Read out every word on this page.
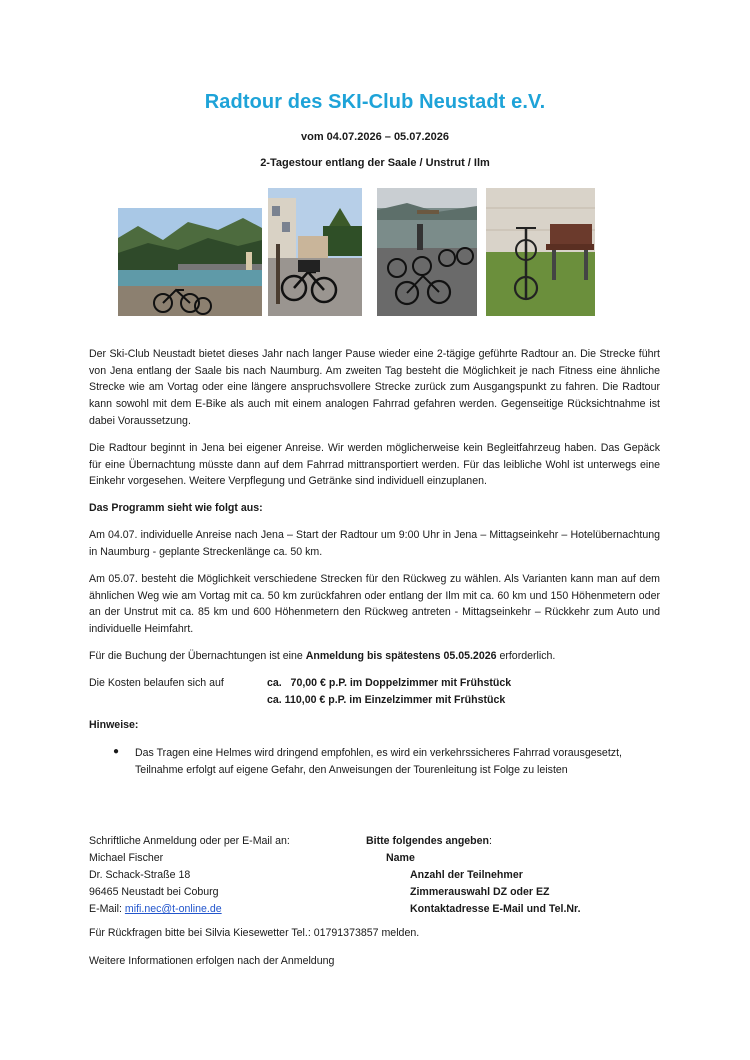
Radtour des SKI-Club Neustadt e.V.
vom 04.07.2026 – 05.07.2026
2-Tagestour entlang der Saale / Unstrut / Ilm

Der Ski-Club Neustadt bietet dieses Jahr nach langer Pause wieder eine 2-tägige geführte Radtour an. Die Strecke führt von Jena entlang der Saale bis nach Naumburg. Am zweiten Tag besteht die Möglichkeit je nach Fitness eine ähnliche Strecke wie am Vortag oder eine längere anspruchsvollere Strecke zurück zum Ausgangspunkt zu fahren. Die Radtour kann sowohl mit dem E-Bike als auch mit einem analogen Fahrrad gefahren werden. Gegenseitige Rücksichtnahme ist dabei Voraussetzung.

Die Radtour beginnt in Jena bei eigener Anreise. Wir werden möglicherweise kein Begleitfahrzeug haben. Das Gepäck für eine Übernachtung müsste dann auf dem Fahrrad mittransportiert werden. Für das leibliche Wohl ist unterwegs eine Einkehr vorgesehen. Weitere Verpflegung und Getränke sind individuell einzuplanen.

Das Programm sieht wie folgt aus:

Am 04.07. individuelle Anreise nach Jena – Start der Radtour um 9:00 Uhr in Jena – Mittagseinkehr – Hotelübernachtung in Naumburg - geplante Streckenlänge ca. 50 km.

Am 05.07. besteht die Möglichkeit verschiedene Strecken für den Rückweg zu wählen. Als Varianten kann man auf dem ähnlichen Weg wie am Vortag mit ca. 50 km zurückfahren oder entlang der Ilm mit ca. 60 km und 150 Höhenmetern oder an der Unstrut mit ca. 85 km und 600 Höhenmetern den Rückweg antreten - Mittagseinkehr – Rückkehr zum Auto und individuelle Heimfahrt.

Für die Buchung der Übernachtungen ist eine Anmeldung bis spätestens 05.05.2026 erforderlich.
Die Kosten belaufen sich auf	ca.   70,00 € p.P. im Doppelzimmer mit Frühstück
ca. 110,00 € p.P. im Einzelzimmer mit Frühstück
Hinweise:
● Das Tragen eine Helmes wird dringend empfohlen, es wird ein verkehrssicheres Fahrrad vorausgesetzt, Teilnahme erfolgt auf eigene Gefahr, den Anweisungen der Tourenleitung ist Folge zu leisten
Schriftliche Anmeldung oder per E-Mail an:
Michael Fischer
Dr. Schack-Straße 18
96465 Neustadt bei Coburg
E-Mail: mifi.nec@t-online.de
Bitte folgendes angeben:
Name
Anzahl der Teilnehmer
Zimmerauswahl DZ oder EZ
Kontaktadresse E-Mail und Tel.Nr.
Für Rückfragen bitte bei Silvia Kiesewetter Tel.: 01791373857 melden.
Weitere Informationen erfolgen nach der Anmeldung
